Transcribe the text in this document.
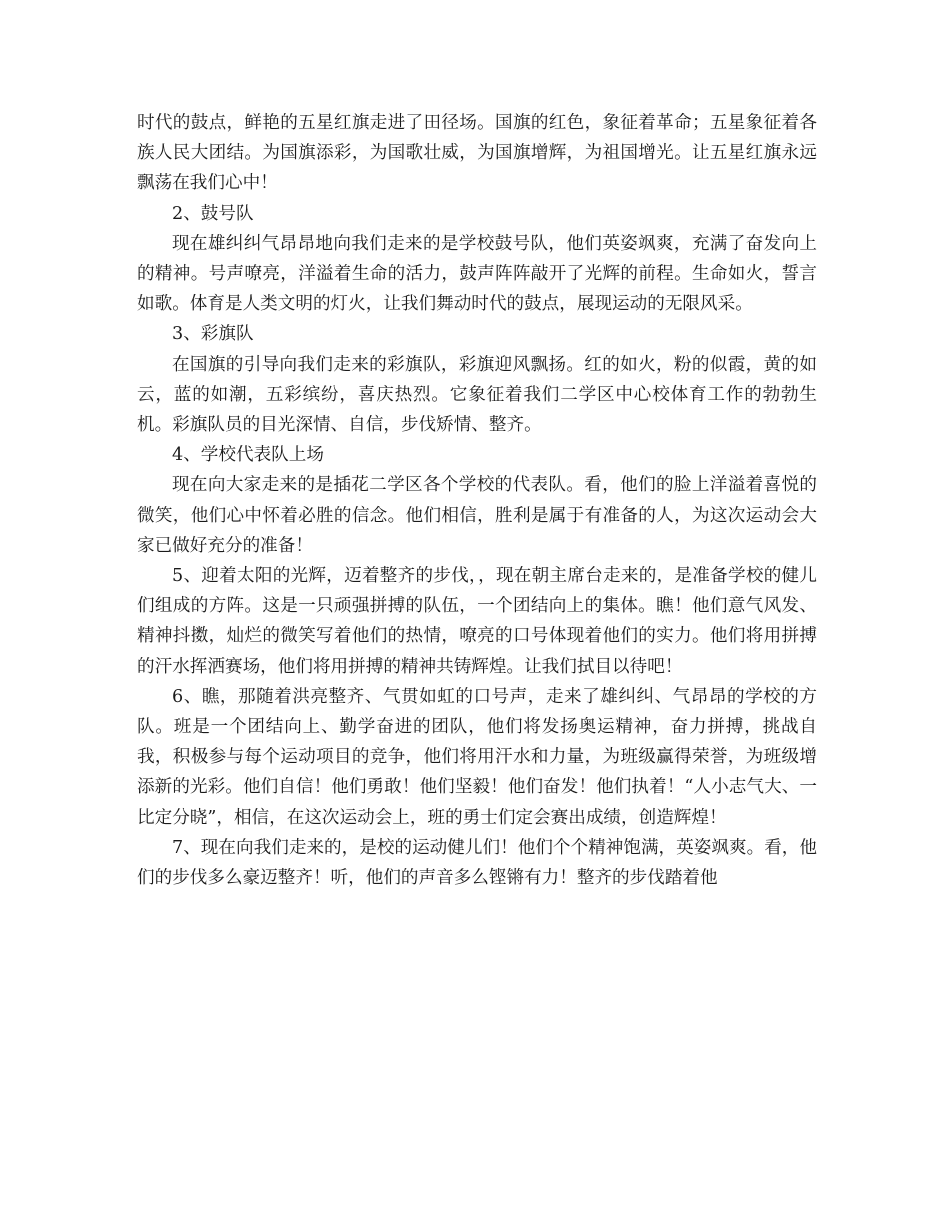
时代的鼓点，鲜艳的五星红旗走进了田径场。国旗的红色，象征着革命；五星象征着各族人民大团结。为国旗添彩，为国歌壮威，为国旗增辉，为祖国增光。让五星红旗永远飘荡在我们心中！

2、鼓号队

现在雄纠纠气昂昂地向我们走来的是学校鼓号队，他们英姿飒爽，充满了奋发向上的精神。号声嘹亮，洋溢着生命的活力，鼓声阵阵敲开了光辉的前程。生命如火，誓言如歌。体育是人类文明的灯火，让我们舞动时代的鼓点，展现运动的无限风采。

3、彩旗队

在国旗的引导向我们走来的彩旗队，彩旗迎风飘扬。红的如火，粉的似霞，黄的如云，蓝的如潮，五彩缤纷，喜庆热烈。它象征着我们二学区中心校体育工作的勃勃生机。彩旗队员的目光深情、自信，步伐矫情、整齐。

4、学校代表队上场

现在向大家走来的是插花二学区各个学校的代表队。看，他们的脸上洋溢着喜悦的微笑，他们心中怀着必胜的信念。他们相信，胜利是属于有准备的人，为这次运动会大家已做好充分的准备！

5、迎着太阳的光辉，迈着整齐的步伐，，现在朝主席台走来的，是准备学校的健儿们组成的方阵。这是一只顽强拼搏的队伍，一个团结向上的集体。瞧！他们意气风发、精神抖擞，灿烂的微笑写着他们的热情，嘹亮的口号体现着他们的实力。他们将用拼搏的汗水挥洒赛场，他们将用拼搏的精神共铸辉煌。让我们拭目以待吧！

6、瞧，那随着洪亮整齐、气贯如虹的口号声，走来了雄纠纠、气昂昂的学校的方队。班是一个团结向上、勤学奋进的团队，他们将发扬奥运精神，奋力拼搏，挑战自我，积极参与每个运动项目的竞争，他们将用汗水和力量，为班级赢得荣誉，为班级增添新的光彩。他们自信！他们勇敢！他们坚毅！他们奋发！他们执着！“人小志气大、一比定分晓”，相信，在这次运动会上，班的勇士们定会赛出成绩，创造辉煌！

7、现在向我们走来的，是校的运动健儿们！他们个个精神饱满，英姿飒爽。看，他们的步伐多么豪迈整齐！听，他们的声音多么铿锵有力！整齐的步伐踏着他
